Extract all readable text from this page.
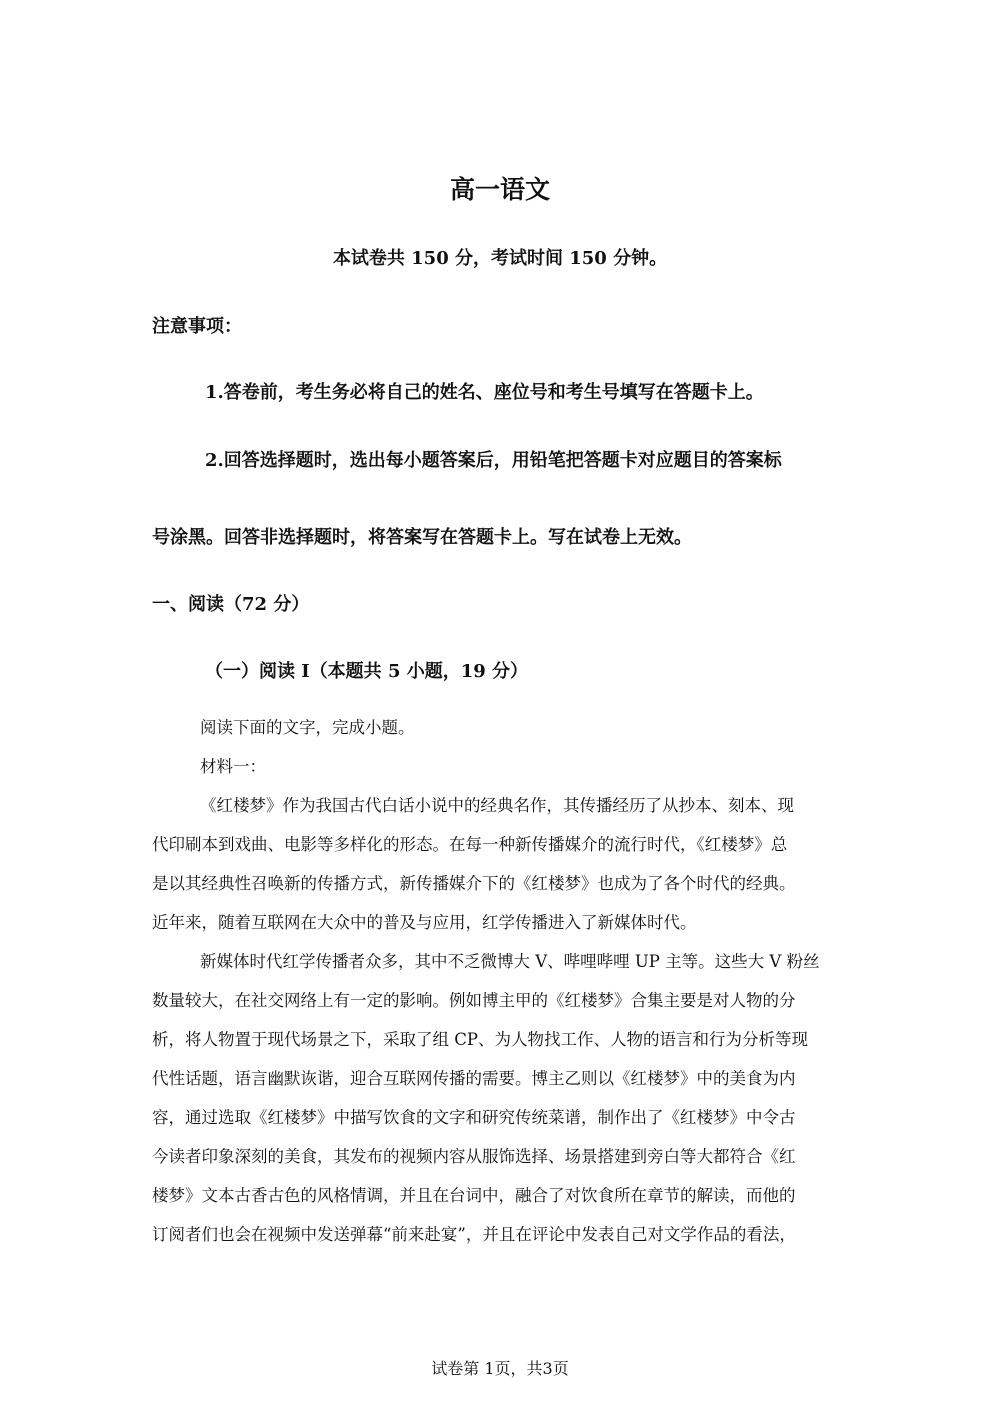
高一语文
本试卷共 150 分，考试时间 150 分钟。
注意事项：
1.答卷前，考生务必将自己的姓名、座位号和考生号填写在答题卡上。
2.回答选择题时，选出每小题答案后，用铅笔把答题卡对应题目的答案标
号涂黑。回答非选择题时，将答案写在答题卡上。写在试卷上无效。
一、阅读（72 分）
（一）阅读 I（本题共 5 小题，19 分）
阅读下面的文字，完成小题。
材料一：
《红楼梦》作为我国古代白话小说中的经典名作，其传播经历了从抄本、刻本、现
代印刷本到戏曲、电影等多样化的形态。在每一种新传播媒介的流行时代，《红楼梦》总
是以其经典性召唤新的传播方式，新传播媒介下的《红楼梦》也成为了各个时代的经典。
近年来，随着互联网在大众中的普及与应用，红学传播进入了新媒体时代。
新媒体时代红学传播者众多，其中不乏微博大 V、哔哩哔哩 UP 主等。这些大 V 粉丝
数量较大，在社交网络上有一定的影响。例如博主甲的《红楼梦》合集主要是对人物的分
析，将人物置于现代场景之下，采取了组 CP、为人物找工作、人物的语言和行为分析等现
代性话题，语言幽默诙谐，迎合互联网传播的需要。博主乙则以《红楼梦》中的美食为内
容，通过选取《红楼梦》中描写饮食的文字和研究传统菜谱，制作出了《红楼梦》中令古
今读者印象深刻的美食，其发布的视频内容从服饰选择、场景搭建到旁白等大都符合《红
楼梦》文本古香古色的风格情调，并且在台词中，融合了对饮食所在章节的解读，而他的
订阅者们也会在视频中发送弹幕“前来赴宴”，并且在评论中发表自己对文学作品的看法，
试卷第 1页，共3页
